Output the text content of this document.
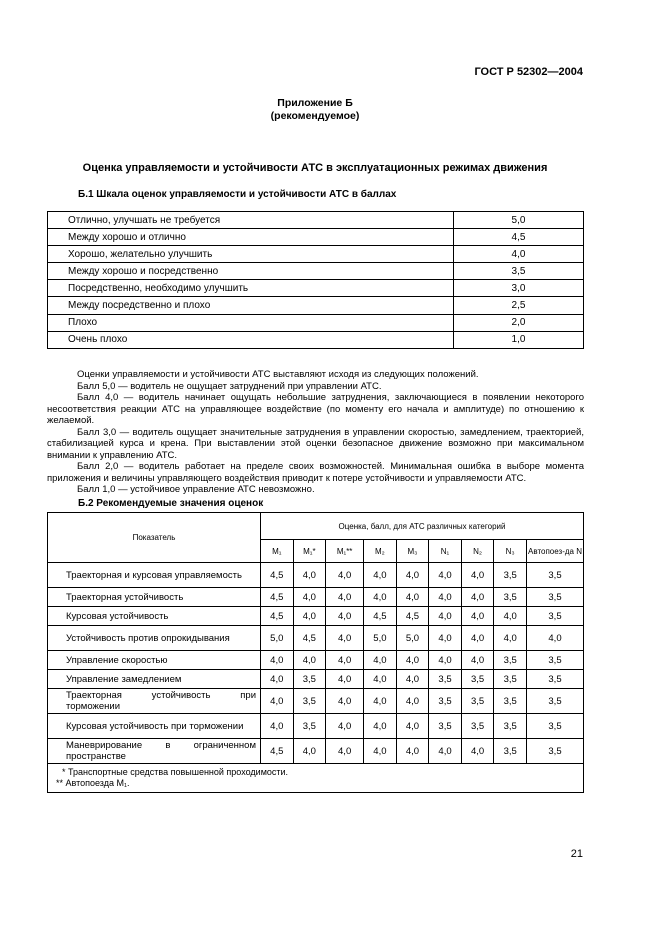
ГОСТ Р 52302—2004
Приложение Б
(рекомендуемое)
Оценка управляемости и устойчивости АТС в эксплуатационных режимах движения
Б.1 Шкала оценок управляемости и устойчивости АТС в баллах
Отлично, улучшать не требуется	5,0
Между хорошо и отлично	4,5
Хорошо, желательно улучшить	4,0
Между хорошо и посредственно	3,5
Посредственно, необходимо улучшить	3,0
Между посредственно и плохо	2,5
Плохо	2,0
Очень плохо	1,0

Оценки управляемости и устойчивости АТС выставляют исходя из следующих положений.

Балл 5,0 — водитель не ощущает затруднений при управлении АТС.

Балл 4,0 — водитель начинает ощущать небольшие затруднения, заключающиеся в появлении некоторого несоответствия реакции АТС на управляющее воздействие (по моменту его начала и амплитуде) по отношению к желаемой.

Балл 3,0 — водитель ощущает значительные затруднения в управлении скоростью, замедлением, траекторией, стабилизацией курса и крена. При выставлении этой оценки безопасное движение возможно при максимальном внимании к управлению АТС.

Балл 2,0 — водитель работает на пределе своих возможностей. Минимальная ошибка в выборе момента приложения и величины управляющего воздействия приводит к потере устойчивости и управляемости АТС.

Балл 1,0 — устойчивое управление АТС невозможно.

Б.2 Рекомендуемые значения оценок
Показатель	Оценка, балл, для АТС различных категорий								
	M₁	M₁*	M₁**	M₂	M₃	N₁	N₂	N₃	Автопоез-да N
Траекторная и курсовая управляемость	4,5	4,0	4,0	4,0	4,0	4,0	4,0	3,5	3,5
Траекторная устойчивость	4,5	4,0	4,0	4,0	4,0	4,0	4,0	3,5	3,5
Курсовая устойчивость	4,5	4,0	4,0	4,5	4,5	4,0	4,0	4,0	3,5
Устойчивость против опрокидывания	5,0	4,5	4,0	5,0	5,0	4,0	4,0	4,0	4,0
Управление скоростью	4,0	4,0	4,0	4,0	4,0	4,0	4,0	3,5	3,5
Управление замедлением	4,0	3,5	4,0	4,0	4,0	3,5	3,5	3,5	3,5
Траекторная устойчивость при торможении	4,0	3,5	4,0	4,0	4,0	3,5	3,5	3,5	3,5
Курсовая устойчивость при торможении	4,0	3,5	4,0	4,0	4,0	3,5	3,5	3,5	3,5
Маневрирование в ограниченном пространстве	4,5	4,0	4,0	4,0	4,0	4,0	4,0	3,5	3,5

* Транспортные средства повышенной проходимости.
** Автопоезда M₁.									
21
